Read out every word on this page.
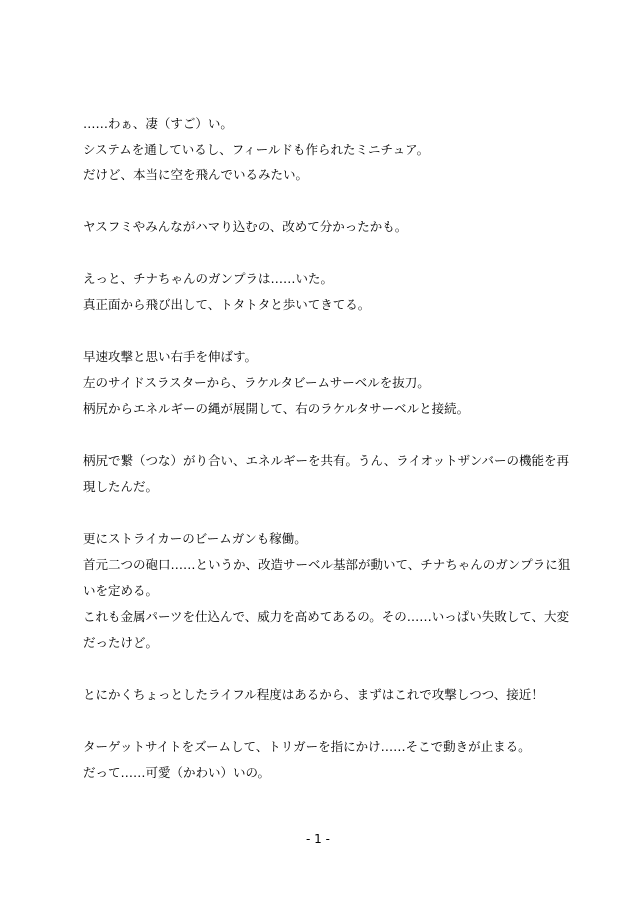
……わぁ、凄（すご）い。
システムを通しているし、フィールドも作られたミニチュア。
だけど、本当に空を飛んでいるみたい。
ヤスフミやみんながハマり込むの、改めて分かったかも。
えっと、チナちゃんのガンプラは……いた。
真正面から飛び出して、トタトタと歩いてきてる。
早速攻撃と思い右手を伸ばす。
左のサイドスラスターから、ラケルタビームサーベルを抜刀。
柄尻からエネルギーの縄が展開して、右のラケルタサーベルと接続。
柄尻で繋（つな）がり合い、エネルギーを共有。うん、ライオットザンバーの機能を再
現したんだ。
更にストライカーのビームガンも稼働。
首元二つの砲口……というか、改造サーベル基部が動いて、チナちゃんのガンプラに狙
いを定める。
これも金属パーツを仕込んで、威力を高めてあるの。その……いっぱい失敗して、大変
だったけど。
とにかくちょっとしたライフル程度はあるから、まずはこれで攻撃しつつ、接近！
ターゲットサイトをズームして、トリガーを指にかけ……そこで動きが止まる。
だって……可愛（かわい）いの。
- 1 -
